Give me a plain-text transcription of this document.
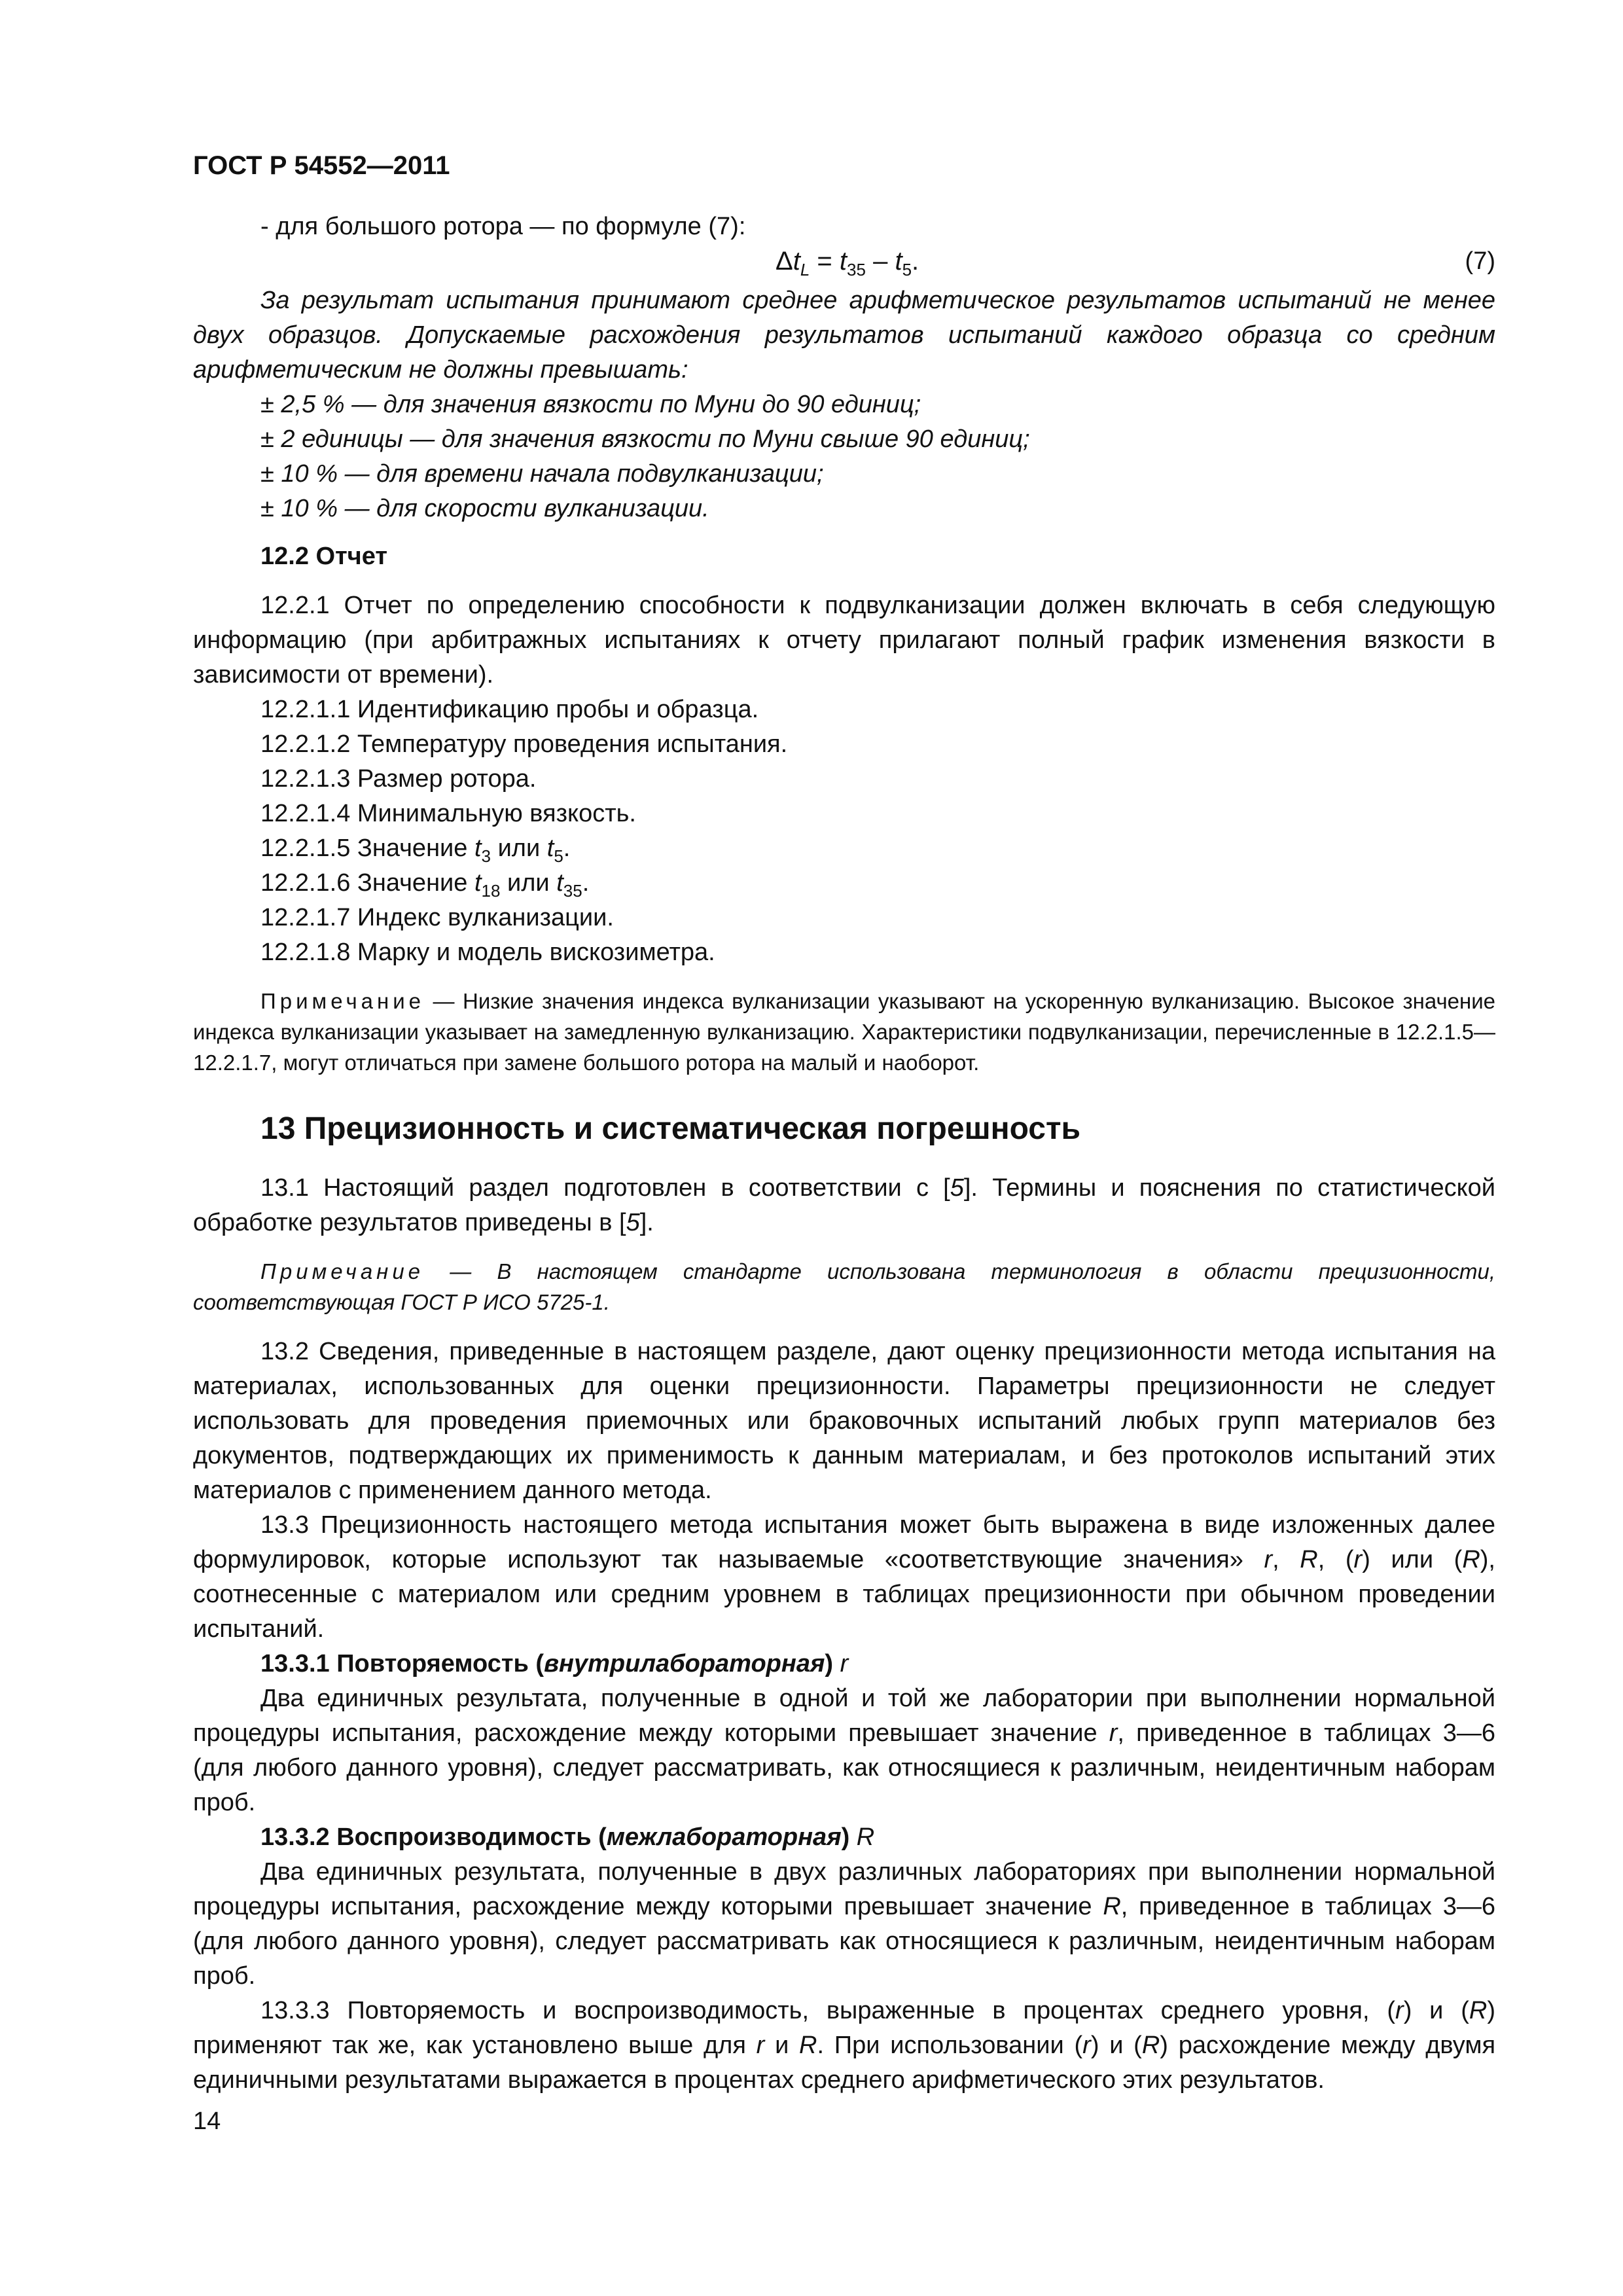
ГОСТ Р 54552—2011

- для большого ротора — по формуле (7):

$\Delta t_L = t_{35} - t_5$.	(7)

За результат испытания принимают среднее арифметическое результатов испытаний не менее двух образцов. Допускаемые расхождения результатов испытаний каждого образца со средним арифметическим не должны превышать:

± 2,5 % — для значения вязкости по Муни до 90 единиц;

± 2 единицы — для значения вязкости по Муни свыше 90 единиц;

± 10 % — для времени начала подвулканизации;

± 10 % — для скорости вулканизации.

12.2 Отчет

12.2.1 Отчет по определению способности к подвулканизации должен включать в себя следующую информацию (при арбитражных испытаниях к отчету прилагают полный график изменения вязкости в зависимости от времени).

12.2.1.1 Идентификацию пробы и образца.

12.2.1.2 Температуру проведения испытания.

12.2.1.3 Размер ротора.

12.2.1.4 Минимальную вязкость.

12.2.1.5 Значение $t_3$ или $t_5$.

12.2.1.6 Значение $t_{18}$ или $t_{35}$.

12.2.1.7 Индекс вулканизации.

12.2.1.8 Марку и модель вискозиметра.

Примечание — Низкие значения индекса вулканизации указывают на ускоренную вулканизацию. Высокое значение индекса вулканизации указывает на замедленную вулканизацию. Характеристики подвулканизации, перечисленные в 12.2.1.5—12.2.1.7, могут отличаться при замене большого ротора на малый и наоборот.

13 Прецизионность и систематическая погрешность

13.1 Настоящий раздел подготовлен в соответствии с [5]. Термины и пояснения по статистической обработке результатов приведены в [5].

Примечание — В настоящем стандарте использована терминология в области прецизионности, соответствующая ГОСТ Р ИСО 5725-1.

13.2 Сведения, приведенные в настоящем разделе, дают оценку прецизионности метода испытания на материалах, использованных для оценки прецизионности. Параметры прецизионности не следует использовать для проведения приемочных или браковочных испытаний любых групп материалов без документов, подтверждающих их применимость к данным материалам, и без протоколов испытаний этих материалов с применением данного метода.

13.3 Прецизионность настоящего метода испытания может быть выражена в виде изложенных далее формулировок, которые используют так называемые «соответствующие значения» r, R, (r) или (R), соотнесенные с материалом или средним уровнем в таблицах прецизионности при обычном проведении испытаний.

13.3.1 Повторяемость (внутрилабораторная) r

Два единичных результата, полученные в одной и той же лаборатории при выполнении нормальной процедуры испытания, расхождение между которыми превышает значение r, приведенное в таблицах 3—6 (для любого данного уровня), следует рассматривать, как относящиеся к различным, неидентичным наборам проб.

13.3.2 Воспроизводимость (межлабораторная) R

Два единичных результата, полученные в двух различных лабораториях при выполнении нормальной процедуры испытания, расхождение между которыми превышает значение R, приведенное в таблицах 3—6 (для любого данного уровня), следует рассматривать как относящиеся к различным, неидентичным наборам проб.

13.3.3 Повторяемость и воспроизводимость, выраженные в процентах среднего уровня, (r) и (R) применяют так же, как установлено выше для r и R. При использовании (r) и (R) расхождение между двумя единичными результатами выражается в процентах среднего арифметического этих результатов.

14
